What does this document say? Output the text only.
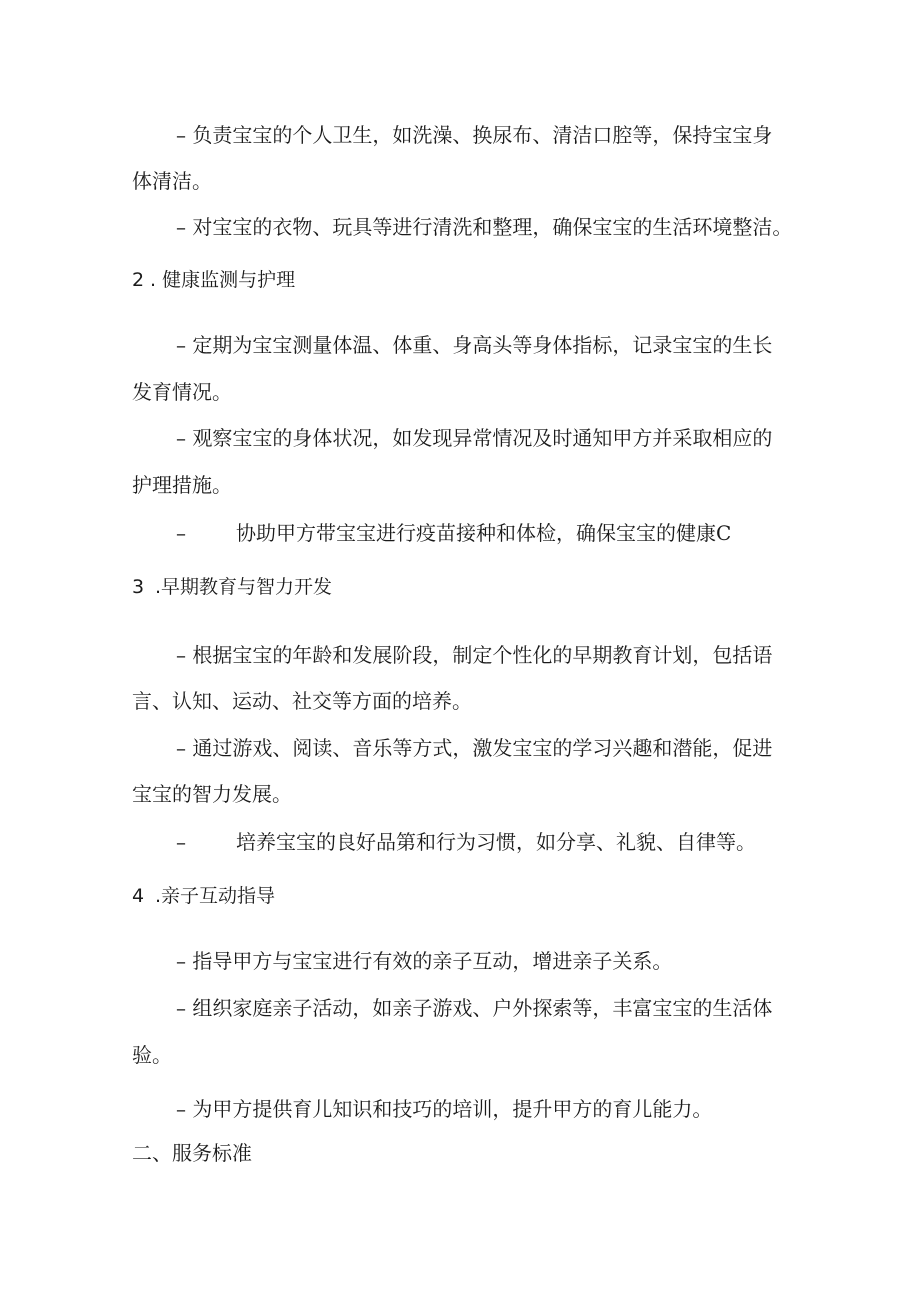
– 负责宝宝的个人卫生，如洗澡、换尿布、清洁口腔等，保持宝宝身
体清洁。
– 对宝宝的衣物、玩具等进行清洗和整理，确保宝宝的生活环境整洁。
2 . 健康监测与护理
– 定期为宝宝测量体温、体重、身高头等身体指标，记录宝宝的生长
发育情况。
– 观察宝宝的身体状况，如发现异常情况及时通知甲方并采取相应的
护理措施。
–	协助甲方带宝宝进行疫苗接种和体检，确保宝宝的健康C
3 .早期教育与智力开发
– 根据宝宝的年龄和发展阶段，制定个性化的早期教育计划，包括语
言、认知、运动、社交等方面的培养。
– 通过游戏、阅读、音乐等方式，激发宝宝的学习兴趣和潜能，促进
宝宝的智力发展。
–	培养宝宝的良好品第和行为习惯，如分享、礼貌、自律等。
4 .亲子互动指导
– 指导甲方与宝宝进行有效的亲子互动，增进亲子关系。
– 组织家庭亲子活动，如亲子游戏、户外探索等，丰富宝宝的生活体
验。
– 为甲方提供育儿知识和技巧的培训，提升甲方的育儿能力。
二、服务标准
